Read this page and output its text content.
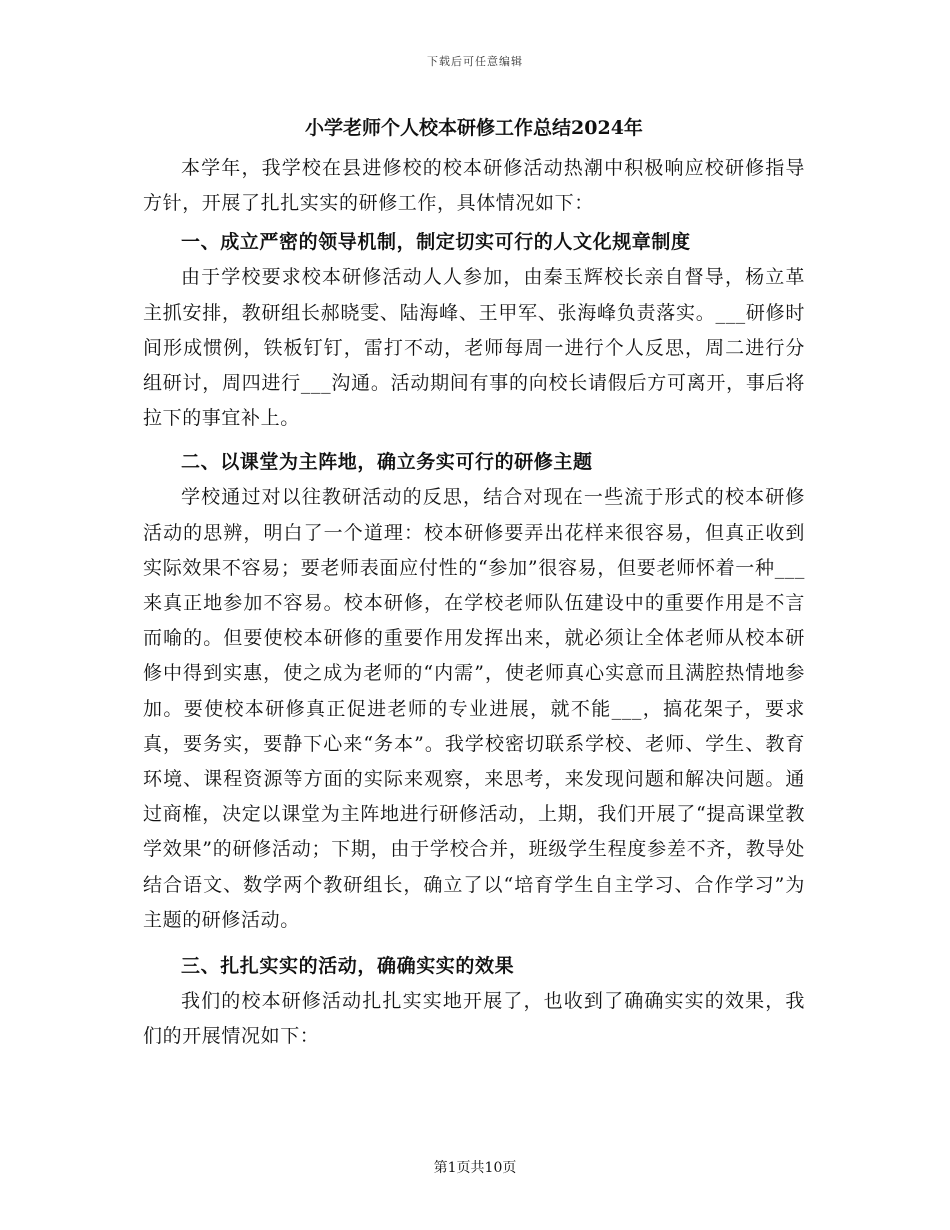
下载后可任意编辑
小学老师个人校本研修工作总结2024年

本学年，我学校在县进修校的校本研修活动热潮中积极响应校研修指导方针，开展了扎扎实实的研修工作，具体情况如下：

一、成立严密的领导机制，制定切实可行的人文化规章制度

由于学校要求校本研修活动人人参加，由秦玉辉校长亲自督导，杨立革主抓安排，教研组长郝晓雯、陆海峰、王甲军、张海峰负责落实。___研修时间形成惯例，铁板钉钉，雷打不动，老师每周一进行个人反思，周二进行分组研讨，周四进行___沟通。活动期间有事的向校长请假后方可离开，事后将拉下的事宜补上。

二、以课堂为主阵地，确立务实可行的研修主题

学校通过对以往教研活动的反思，结合对现在一些流于形式的校本研修活动的思辨，明白了一个道理：校本研修要弄出花样来很容易，但真正收到实际效果不容易；要老师表面应付性的“参加”很容易，但要老师怀着一种___来真正地参加不容易。校本研修，在学校老师队伍建设中的重要作用是不言而喻的。但要使校本研修的重要作用发挥出来，就必须让全体老师从校本研修中得到实惠，使之成为老师的“内需”，使老师真心实意而且满腔热情地参加。要使校本研修真正促进老师的专业进展，就不能___，搞花架子，要求真，要务实，要静下心来“务本”。我学校密切联系学校、老师、学生、教育环境、课程资源等方面的实际来观察，来思考，来发现问题和解决问题。通过商榷，决定以课堂为主阵地进行研修活动，上期，我们开展了“提高课堂教学效果”的研修活动；下期，由于学校合并，班级学生程度参差不齐，教导处结合语文、数学两个教研组长，确立了以“培育学生自主学习、合作学习”为主题的研修活动。

三、扎扎实实的活动，确确实实的效果

我们的校本研修活动扎扎实实地开展了，也收到了确确实实的效果，我们的开展情况如下：

第1页共10页
